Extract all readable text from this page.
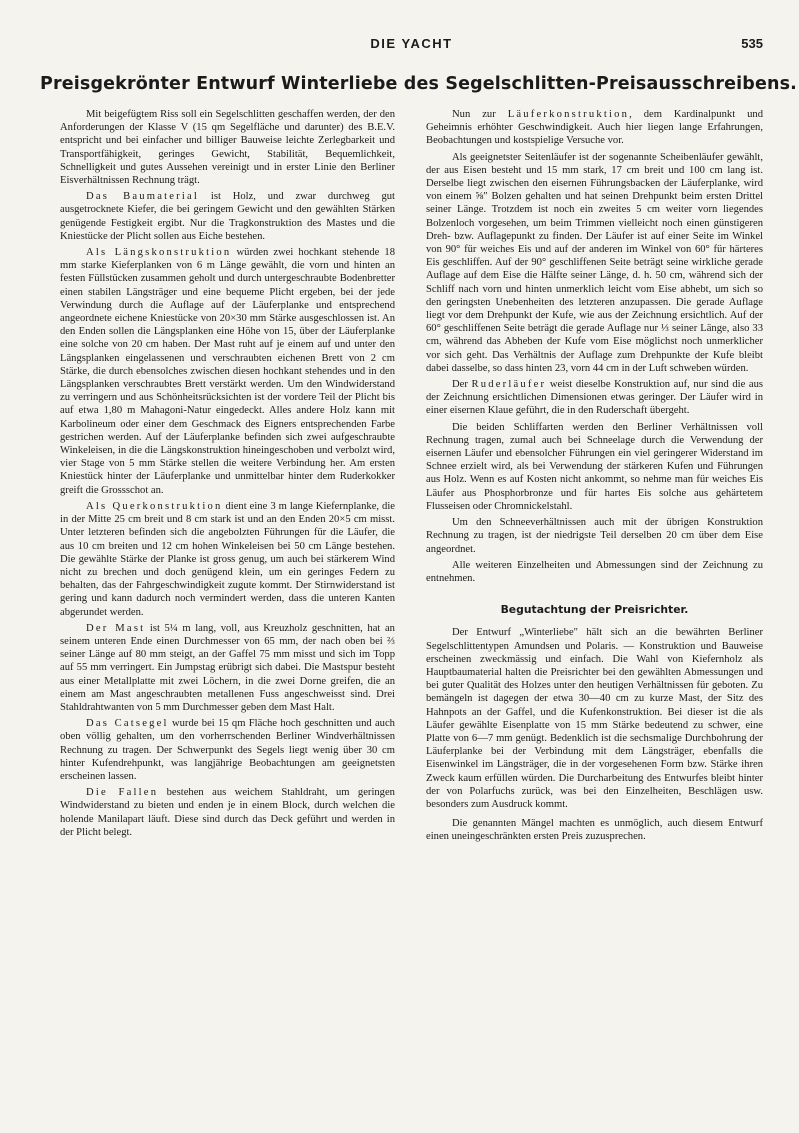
DIE YACHT	535
Preisgekrönter Entwurf Winterliebe des Segelschlitten-Preisausschreibens.

Mit beigefügtem Riss soll ein Segelschlitten geschaffen werden, der den Anforderungen der Klasse V (15 qm Segelfläche und darunter) des B.E.V. entspricht und bei einfacher und billiger Bauweise leichte Zerlegbarkeit und Transportfähigkeit, geringes Gewicht, Stabilität, Bequemlichkeit, Schnelligkeit und gutes Aussehen vereinigt und in erster Linie den Berliner Eisverhältnissen Rechnung trägt.

Das Baumaterial ist Holz, und zwar durchweg gut ausgetrocknete Kiefer, die bei geringem Gewicht und den gewählten Stärken genügende Festigkeit ergibt. Nur die Tragkonstruktion des Mastes und die Kniestücke der Plicht sollen aus Eiche bestehen.

Als Längskonstruktion würden zwei hochkant stehende 18 mm starke Kieferplanken von 6 m Länge gewählt, die vorn und hinten an festen Füllstücken zusammen geholt und durch untergeschraubte Bodenbretter einen stabilen Längsträger und eine bequeme Plicht ergeben, bei der jede Verwindung durch die Auflage auf der Läuferplanke und entsprechend angeordnete eichene Kniestücke von 20×30 mm Stärke ausgeschlossen ist. An den Enden sollen die Längsplanken eine Höhe von 15, über der Läuferplanke eine solche von 20 cm haben. Der Mast ruht auf je einem auf und unter den Längsplanken eingelassenen und verschraubten eichenen Brett von 2 cm Stärke, die durch ebensolches zwischen diesen hochkant stehendes und in den Längsplanken verschraubtes Brett verstärkt werden. Um den Windwiderstand zu verringern und aus Schönheitsrücksichten ist der vordere Teil der Plicht bis auf etwa 1,80 m Mahagoni-Natur eingedeckt. Alles andere Holz kann mit Karbolineum oder einer dem Geschmack des Eigners entsprechenden Farbe gestrichen werden. Auf der Läuferplanke befinden sich zwei aufgeschraubte Winkeleisen, in die die Längskonstruktion hineingeschoben und verbolzt wird, vier Stage von 5 mm Stärke stellen die weitere Verbindung her. Am ersten Kniestück hinter der Läuferplanke und unmittelbar hinter dem Ruderkokker greift die Grossschot an.

Als Querkonstruktion dient eine 3 m lange Kiefernplanke, die in der Mitte 25 cm breit und 8 cm stark ist und an den Enden 20×5 cm misst. Unter letzteren befinden sich die angebolzten Führungen für die Läufer, die aus 10 cm breiten und 12 cm hohen Winkeleisen bei 50 cm Länge bestehen. Die gewählte Stärke der Planke ist gross genug, um auch bei stärkerem Wind nicht zu brechen und doch genügend klein, um ein geringes Federn zu behalten, das der Fahrgeschwindigkeit zugute kommt. Der Stirnwiderstand ist gering und kann dadurch noch vermindert werden, dass die unteren Kanten abgerundet werden.

Der Mast ist 5¼ m lang, voll, aus Kreuzholz geschnitten, hat an seinem unteren Ende einen Durchmesser von 65 mm, der nach oben bei ⅔ seiner Länge auf 80 mm steigt, an der Gaffel 75 mm misst und sich im Topp auf 55 mm verringert. Ein Jumpstag erübrigt sich dabei. Die Mastspur besteht aus einer Metallplatte mit zwei Löchern, in die zwei Dorne greifen, die an einem am Mast angeschraubten metallenen Fuss angeschweisst sind. Drei Stahldrahtwanten von 5 mm Durchmesser geben dem Mast Halt.

Das Catsegel wurde bei 15 qm Fläche hoch geschnitten und auch oben völlig gehalten, um den vorherrschenden Berliner Windverhältnissen Rechnung zu tragen. Der Schwerpunkt des Segels liegt wenig über 30 cm hinter Kufendrehpunkt, was langjährige Beobachtungen am geeignetsten erscheinen lassen.

Die Fallen bestehen aus weichem Stahldraht, um geringen Windwiderstand zu bieten und enden je in einem Block, durch welchen die holende Manilapart läuft. Diese sind durch das Deck geführt und werden in der Plicht belegt.

Nun zur Läuferkonstruktion, dem Kardinalpunkt und Geheimnis erhöhter Geschwindigkeit. Auch hier liegen lange Erfahrungen, Beobachtungen und kostspielige Versuche vor.

Als geeignetster Seitenläufer ist der sogenannte Scheibenläufer gewählt, der aus Eisen besteht und 15 mm stark, 17 cm breit und 100 cm lang ist. Derselbe liegt zwischen den eisernen Führungsbacken der Läuferplanke, wird von einem ⅝″ Bolzen gehalten und hat seinen Drehpunkt beim ersten Drittel seiner Länge. Trotzdem ist noch ein zweites 5 cm weiter vorn liegendes Bolzenloch vorgesehen, um beim Trimmen vielleicht noch einen günstigeren Dreh- bzw. Auflagepunkt zu finden. Der Läufer ist auf einer Seite im Winkel von 90° für weiches Eis und auf der anderen im Winkel von 60° für härteres Eis geschliffen. Auf der 90° geschliffenen Seite beträgt seine wirkliche gerade Auflage auf dem Eise die Hälfte seiner Länge, d. h. 50 cm, während sich der Schliff nach vorn und hinten unmerklich leicht vom Eise abhebt, um sich so den geringsten Unebenheiten des letzteren anzupassen. Die gerade Auflage liegt vor dem Drehpunkt der Kufe, wie aus der Zeichnung ersichtlich. Auf der 60° geschliffenen Seite beträgt die gerade Auflage nur ⅓ seiner Länge, also 33 cm, während das Abheben der Kufe vom Eise möglichst noch unmerklicher vor sich geht. Das Verhältnis der Auflage zum Drehpunkte der Kufe bleibt dabei dasselbe, so dass hinten 23, vorn 44 cm in der Luft schweben würden.

Der Ruderläufer weist dieselbe Konstruktion auf, nur sind die aus der Zeichnung ersichtlichen Dimensionen etwas geringer. Der Läufer wird in einer eisernen Klaue geführt, die in den Ruderschaft übergeht.

Die beiden Schliffarten werden den Berliner Verhältnissen voll Rechnung tragen, zumal auch bei Schneelage durch die Verwendung der eisernen Läufer und ebensolcher Führungen ein viel geringerer Widerstand im Schnee erzielt wird, als bei Verwendung der stärkeren Kufen und Führungen aus Holz. Wenn es auf Kosten nicht ankommt, so nehme man für weiches Eis Läufer aus Phosphorbronze und für hartes Eis solche aus gehärtetem Flusseisen oder Chromnickelstahl.

Um den Schneeverhältnissen auch mit der übrigen Konstruktion Rechnung zu tragen, ist der niedrigste Teil derselben 20 cm über dem Eise angeordnet.

Alle weiteren Einzelheiten und Abmessungen sind der Zeichnung zu entnehmen.

Begutachtung der Preisrichter.

Der Entwurf „Winterliebe" hält sich an die bewährten Berliner Segelschlittentypen Amundsen und Polaris. — Konstruktion und Bauweise erscheinen zweckmässig und einfach. Die Wahl von Kiefernholz als Hauptbaumaterial halten die Preisrichter bei den gewählten Abmessungen und bei guter Qualität des Holzes unter den heutigen Verhältnissen für geboten. Zu bemängeln ist dagegen der etwa 30—40 cm zu kurze Mast, der Sitz des Hahnpots an der Gaffel, und die Kufenkonstruktion. Bei dieser ist die als Läufer gewählte Eisenplatte von 15 mm Stärke bedeutend zu schwer, eine Platte von 6—7 mm genügt. Bedenklich ist die sechsmalige Durchbohrung der Läuferplanke bei der Verbindung mit dem Längsträger, ebenfalls die Eisenwinkel im Längsträger, die in der vorgesehenen Form bzw. Stärke ihren Zweck kaum erfüllen würden. Die Durcharbeitung des Entwurfes bleibt hinter der von Polarfuchs zurück, was bei den Einzelheiten, Beschlägen usw. besonders zum Ausdruck kommt.

Die genannten Mängel machten es unmöglich, auch diesem Entwurf einen uneingeschränkten ersten Preis zuzusprechen.
